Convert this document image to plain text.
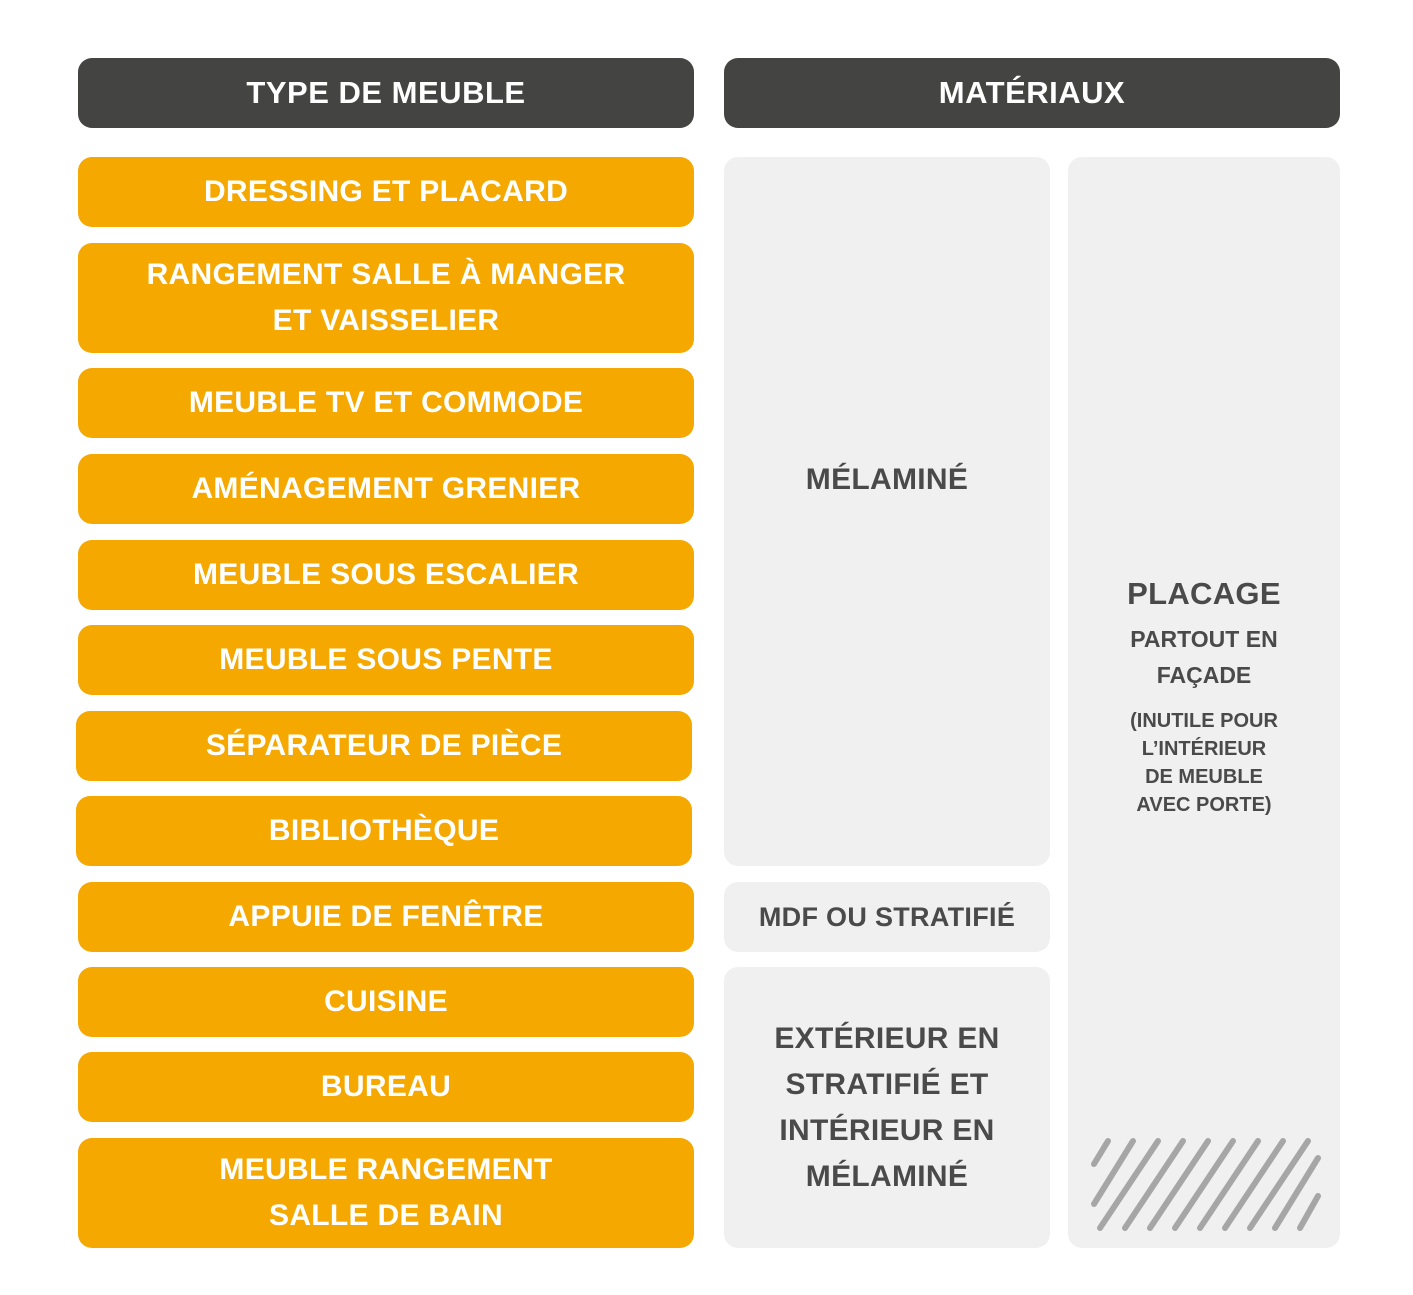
TYPE DE MEUBLE	MATÉRIAUX
DRESSING ET PLACARD
RANGEMENT SALLE À MANGER
ET VAISSELIER
MEUBLE TV ET COMMODE
AMÉNAGEMENT GRENIER
MEUBLE SOUS ESCALIER
MEUBLE SOUS PENTE
SÉPARATEUR DE PIÈCE
BIBLIOTHÈQUE
APPUIE DE FENÊTRE
CUISINE
BUREAU
MEUBLE RANGEMENT
SALLE DE BAIN
MÉLAMINÉ
MDF OU STRATIFIÉ
EXTÉRIEUR EN
STRATIFIÉ ET
INTÉRIEUR EN
MÉLAMINÉ
PLACAGE
PARTOUT EN
FAÇADE
(INUTILE POUR
L’INTÉRIEUR
DE MEUBLE
AVEC PORTE)
